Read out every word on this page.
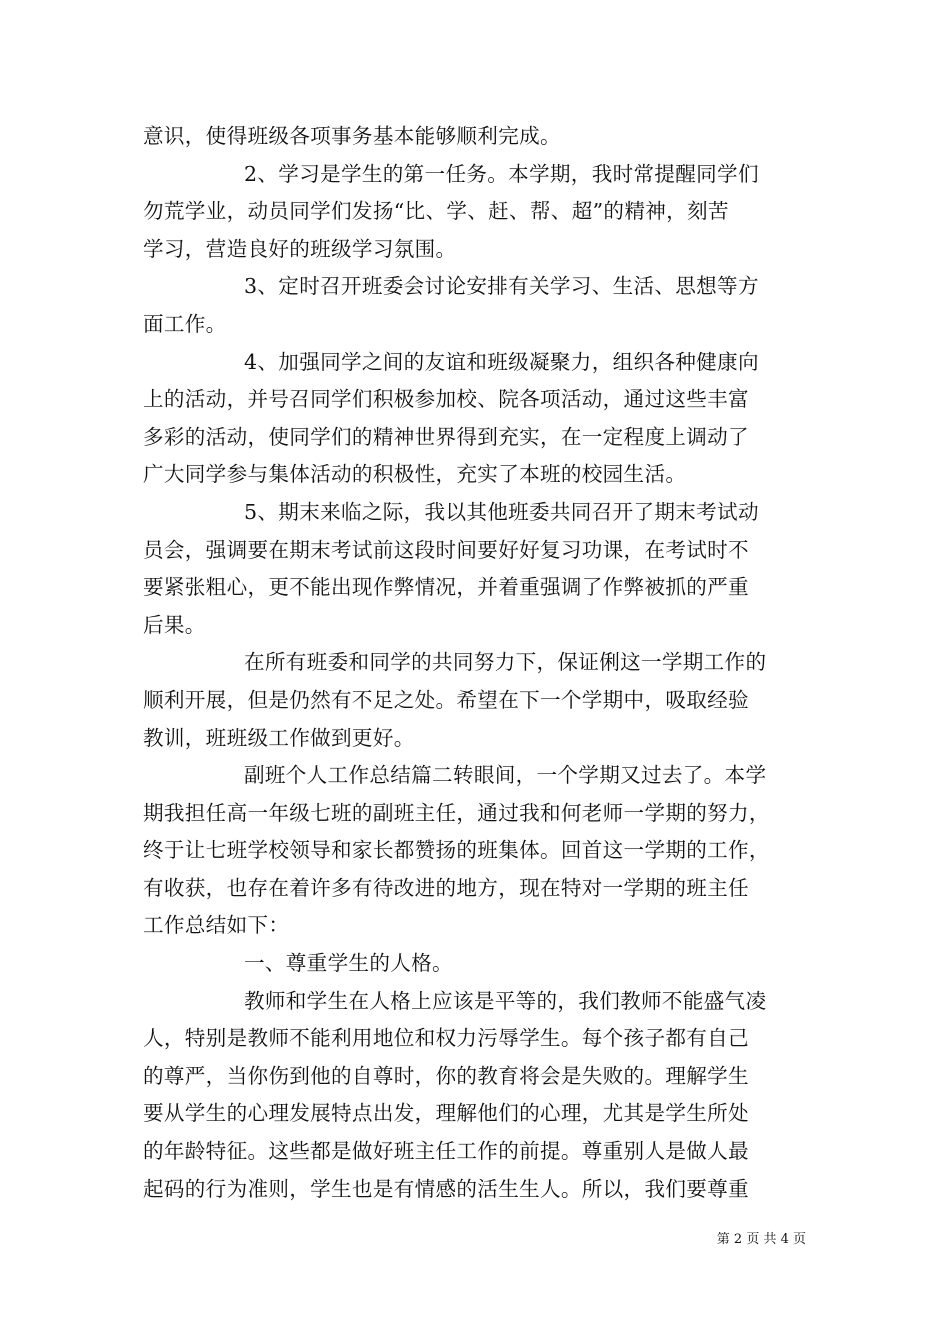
意识，使得班级各项事务基本能够顺利完成。
2、学习是学生的第一任务。本学期，我时常提醒同学们
勿荒学业，动员同学们发扬“比、学、赶、帮、超”的精神，刻苦
学习，营造良好的班级学习氛围。
3、定时召开班委会讨论安排有关学习、生活、思想等方
面工作。
4、加强同学之间的友谊和班级凝聚力，组织各种健康向
上的活动，并号召同学们积极参加校、院各项活动，通过这些丰富
多彩的活动，使同学们的精神世界得到充实，在一定程度上调动了
广大同学参与集体活动的积极性，充实了本班的校园生活。
5、期末来临之际，我以其他班委共同召开了期末考试动
员会，强调要在期末考试前这段时间要好好复习功课，在考试时不
要紧张粗心，更不能出现作弊情况，并着重强调了作弊被抓的严重
后果。
在所有班委和同学的共同努力下，保证俐这一学期工作的
顺利开展，但是仍然有不足之处。希望在下一个学期中，吸取经验
教训，班班级工作做到更好。
副班个人工作总结篇二转眼间，一个学期又过去了。本学
期我担任高一年级七班的副班主任，通过我和何老师一学期的努力，
终于让七班学校领导和家长都赞扬的班集体。回首这一学期的工作，
有收获，也存在着许多有待改进的地方，现在特对一学期的班主任
工作总结如下：
一、尊重学生的人格。
教师和学生在人格上应该是平等的，我们教师不能盛气凌
人，特别是教师不能利用地位和权力污辱学生。每个孩子都有自己
的尊严，当你伤到他的自尊时，你的教育将会是失败的。理解学生
要从学生的心理发展特点出发，理解他们的心理，尤其是学生所处
的年龄特征。这些都是做好班主任工作的前提。尊重别人是做人最
起码的行为准则，学生也是有情感的活生生人。所以，我们要尊重
第 2 页 共 4 页
